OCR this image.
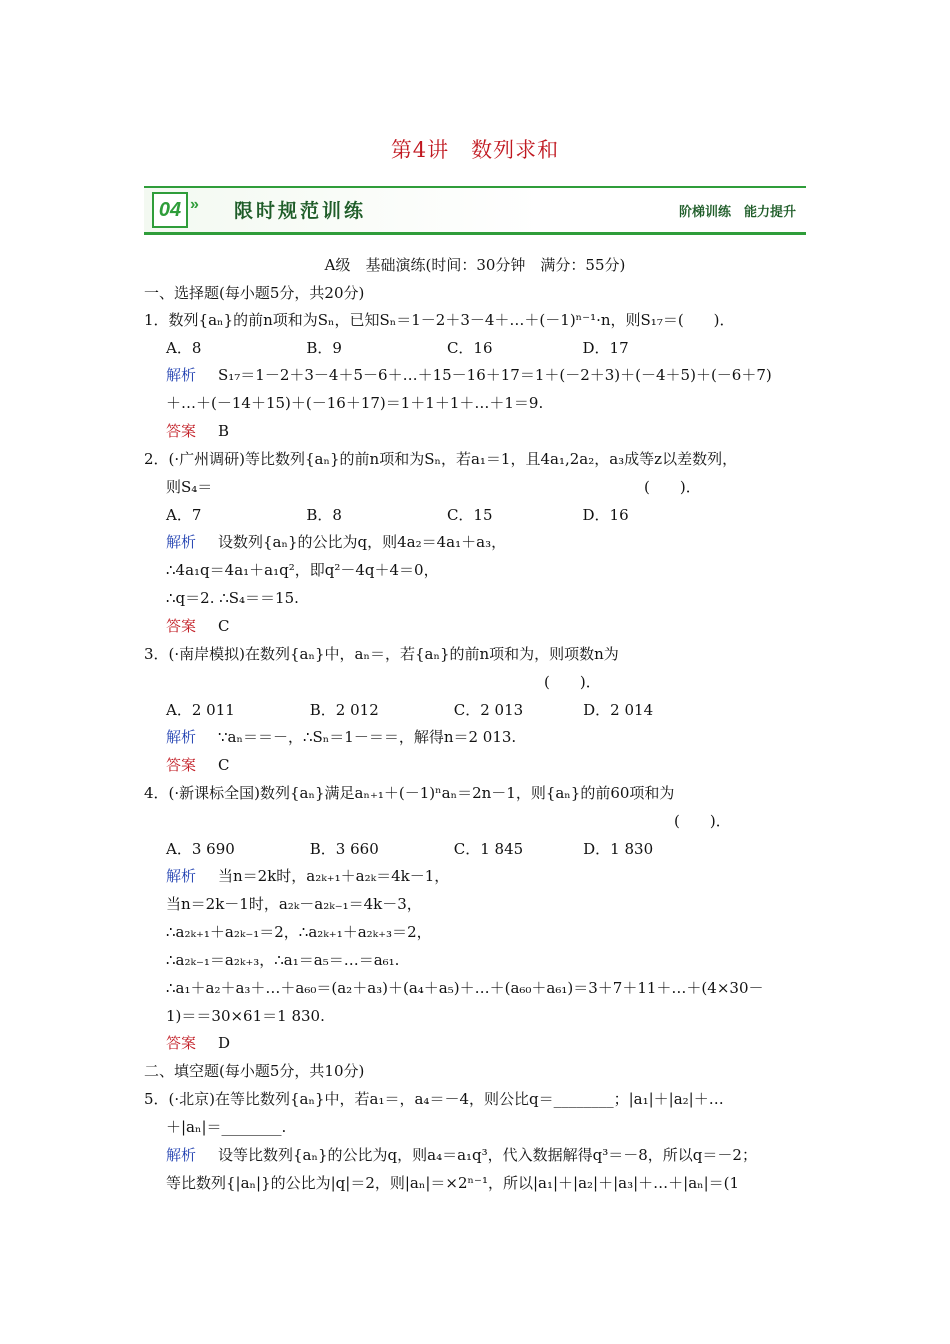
第4讲　数列求和
04 » 限时规范训练	阶梯训练　能力提升
A级　基础演练(时间：30分钟　满分：55分)
一、选择题(每小题5分，共20分)
1．数列{aₙ}的前n项和为Sₙ，已知Sₙ＝1－2＋3－4＋…＋(－1)ⁿ⁻¹·n，则S₁₇＝(　　)．
A．8　　　　　　　B．9　　　　　　　C．16　　　　　　D．17
解析 S₁₇＝1－2＋3－4＋5－6＋…＋15－16＋17＝1＋(－2＋3)＋(－4＋5)＋(－6＋7)
＋…＋(－14＋15)＋(－16＋17)＝1＋1＋1＋…＋1＝9.
答案 B
2．(·广州调研)等比数列{aₙ}的前n项和为Sₙ，若a₁＝1，且4a₁,2a₂，a₃成等z以差数列，
则S₄＝	(　　)．
A．7　　　　　　　B．8　　　　　　　C．15　　　　　　D．16
解析 设数列{aₙ}的公比为q，则4a₂＝4a₁＋a₃，
∴4a₁q＝4a₁＋a₁q²，即q²－4q＋4＝0，
∴q＝2. ∴S₄＝＝15.
答案 C
3．(·南岸模拟)在数列{aₙ}中，aₙ＝，若{aₙ}的前n项和为，则项数n为
(　　)．
A．2 011　　　　　B．2 012　　　　　C．2 013　　　　D．2 014
解析 ∵aₙ＝＝－，∴Sₙ＝1－＝＝，解得n＝2 013.
答案 C
4．(·新课标全国)数列{aₙ}满足aₙ₊₁＋(－1)ⁿaₙ＝2n－1，则{aₙ}的前60项和为
(　　)．
A．3 690　　　　　B．3 660　　　　　C．1 845　　　　D．1 830
解析 当n＝2k时，a₂ₖ₊₁＋a₂ₖ＝4k－1，
当n＝2k－1时，a₂ₖ－a₂ₖ₋₁＝4k－3，
∴a₂ₖ₊₁＋a₂ₖ₋₁＝2，∴a₂ₖ₊₁＋a₂ₖ₊₃＝2，
∴a₂ₖ₋₁＝a₂ₖ₊₃，∴a₁＝a₅＝…＝a₆₁.
∴a₁＋a₂＋a₃＋…＋a₆₀＝(a₂＋a₃)＋(a₄＋a₅)＋…＋(a₆₀＋a₆₁)＝3＋7＋11＋…＋(4×30－
1)＝＝30×61＝1 830.
答案 D
二、填空题(每小题5分，共10分)
5．(·北京)在等比数列{aₙ}中，若a₁＝，a₄＝－4，则公比q＝________；|a₁|＋|a₂|＋…
＋|aₙ|＝________.
解析 设等比数列{aₙ}的公比为q，则a₄＝a₁q³，代入数据解得q³＝－8，所以q＝－2；
等比数列{|aₙ|}的公比为|q|＝2，则|aₙ|＝×2ⁿ⁻¹，所以|a₁|＋|a₂|＋|a₃|＋…＋|aₙ|＝(1
